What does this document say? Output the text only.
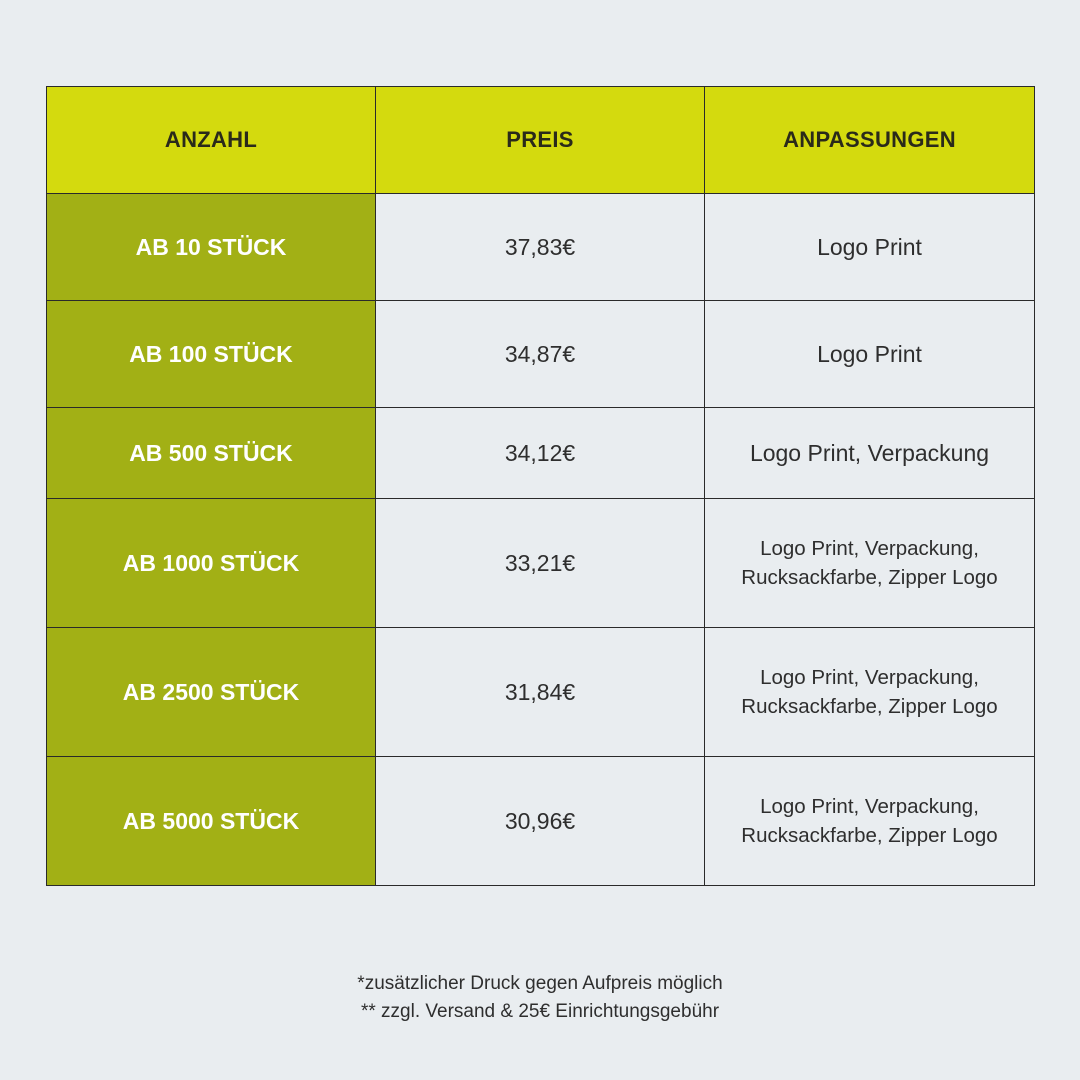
ANZAHL	PREIS	ANPASSUNGEN
AB 10 STÜCK	37,83€	Logo Print

AB 100 STÜCK	34,87€	Logo Print

AB 500 STÜCK	34,12€	Logo Print, Verpackung

AB 1000 STÜCK	33,21€	Logo Print, Verpackung,
Rucksackfarbe, Zipper Logo

AB 2500 STÜCK	31,84€	Logo Print, Verpackung,
Rucksackfarbe, Zipper Logo

AB 5000 STÜCK	30,96€	Logo Print, Verpackung,
Rucksackfarbe, Zipper Logo
*zusätzlicher Druck gegen Aufpreis möglich
** zzgl. Versand & 25€ Einrichtungsgebühr
